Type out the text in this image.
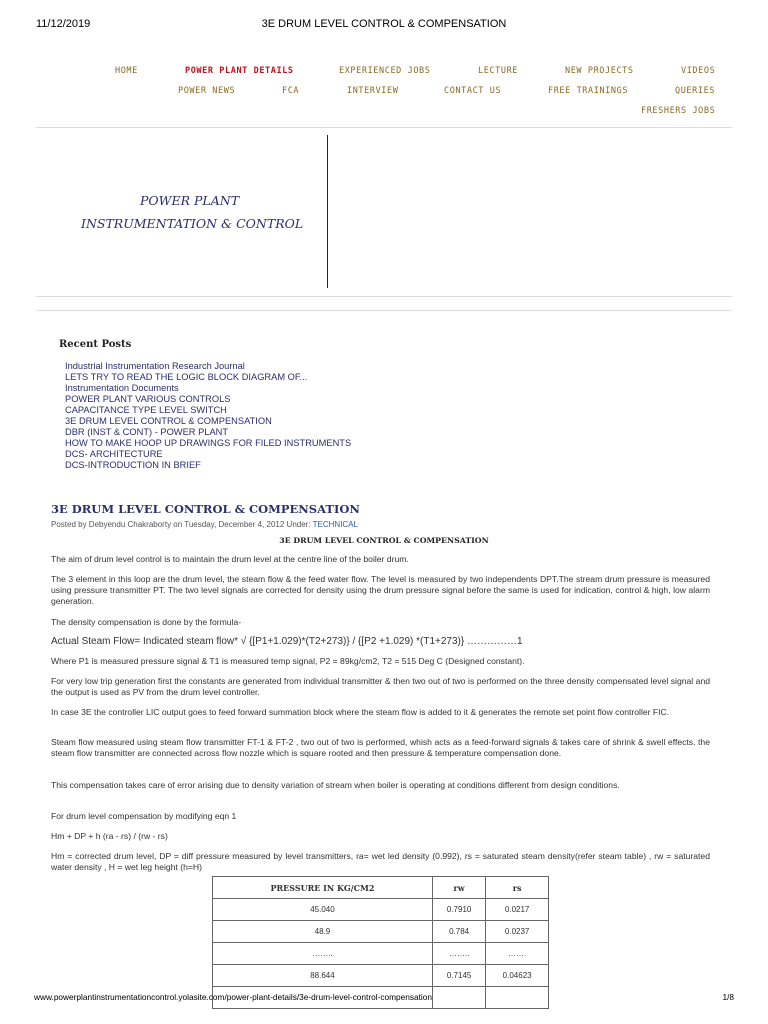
11/12/2019	3E DRUM LEVEL CONTROL & COMPENSATION
HOME	POWER PLANT DETAILS	EXPERIENCED JOBS	LECTURE	NEW PROJECTS	VIDEOS
POWER NEWS	FCA	INTERVIEW	CONTACT US	FREE TRAININGS	QUERIES
FRESHERS JOBS
POWER PLANT
INSTRUMENTATION & CONTROL
Recent Posts
Industrial Instrumentation Research Journal
LETS TRY TO READ THE LOGIC BLOCK DIAGRAM OF...
Instrumentation Documents
POWER PLANT VARIOUS CONTROLS
CAPACITANCE TYPE LEVEL SWITCH
3E DRUM LEVEL CONTROL & COMPENSATION
DBR (INST & CONT) - POWER PLANT
HOW TO MAKE HOOP UP DRAWINGS FOR FILED INSTRUMENTS
DCS- ARCHITECTURE
DCS-INTRODUCTION IN BRIEF
3E DRUM LEVEL CONTROL & COMPENSATION
Posted by Debyendu Chakraborty on Tuesday, December 4, 2012 Under: TECHNICAL
3E DRUM LEVEL CONTROL & COMPENSATION

The aim of drum level control is to maintain the drum level at the centre line of the boiler drum.

The 3 element in this loop are the drum level, the steam flow & the feed water flow. The level is measured by two independents DPT.The stream drum pressure is measured using pressure transmitter PT. The two level signals are corrected for density using the drum pressure signal before the same is used for indication, control & high, low alarm generation.

The density compensation is done by the formula-

Actual Steam Flow= Indicated steam flow* √ {[P1+1.029)*(T2+273)} / {[P2 +1.029) *(T1+273)} ……………1

Where P1 is measured pressure signal & T1 is measured temp signal, P2 = 89kg/cm2, T2 = 515 Deg C (Designed constant).

For very low trip generation first the constants are generated from individual transmitter & then two out of two is performed on the three density compensated level signal and the output is used as PV from the drum level controller.

In case 3E the controller LIC output goes to feed forward summation block where the steam flow is added to it & generates the remote set point flow controller FIC.

Steam flow measured using steam flow transmitter FT-1 & FT-2 , two out of two is performed, whish acts as a feed-forward signals & takes care of shrink & swell effects. the steam flow transmitter are connected across flow nozzle which is square rooted and then pressure & temperature compensation done.

This compensation takes care of error arising due to density variation of stream when boiler is operating at conditions different from design conditions.

For drum level compensation by modifying eqn 1

Hm + DP + h (ra - rs) / (rw - rs)

Hm = corrected drum level, DP = diff pressure measured by level transmitters, ra= wet led density (0.992), rs = saturated steam density(refer steam table) , rw = saturated water density , H = wet leg height (h=H)

PRESSURE IN KG/CM2	rw	rs
45.040	0.7910	0.0217
48.9	0.784	0.0237
……..	……..	…….
88.644	0.7145	0.04623

www.powerplantinstrumentationcontrol.yolasite.com/power-plant-details/3e-drum-level-control-compensation	1/8
